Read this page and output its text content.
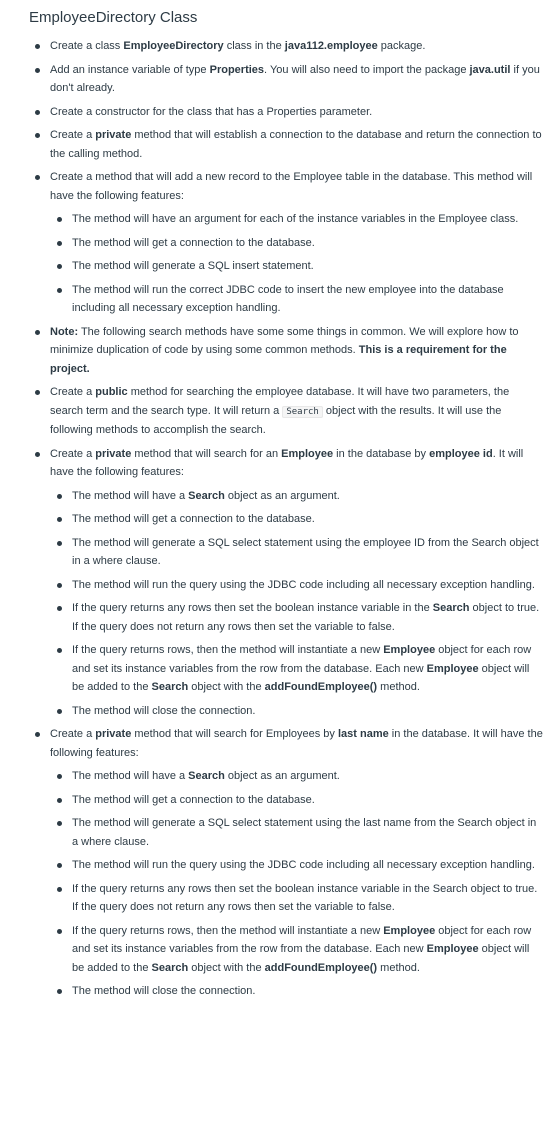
EmployeeDirectory Class
Create a class EmployeeDirectory class in the java112.employee package.
Add an instance variable of type Properties. You will also need to import the package java.util if you don't already.
Create a constructor for the class that has a Properties parameter.
Create a private method that will establish a connection to the database and return the connection to the calling method.
Create a method that will add a new record to the Employee table in the database. This method will have the following features:
The method will have an argument for each of the instance variables in the Employee class.
The method will get a connection to the database.
The method will generate a SQL insert statement.
The method will run the correct JDBC code to insert the new employee into the database including all necessary exception handling.
Note: The following search methods have some some things in common. We will explore how to minimize duplication of code by using some common methods. This is a requirement for the project.
Create a public method for searching the employee database. It will have two parameters, the search term and the search type. It will return a Search object with the results. It will use the following methods to accomplish the search.
Create a private method that will search for an Employee in the database by employee id. It will have the following features:
The method will have a Search object as an argument.
The method will get a connection to the database.
The method will generate a SQL select statement using the employee ID from the Search object in a where clause.
The method will run the query using the JDBC code including all necessary exception handling.
If the query returns any rows then set the boolean instance variable in the Search object to true. If the query does not return any rows then set the variable to false.
If the query returns rows, then the method will instantiate a new Employee object for each row and set its instance variables from the row from the database. Each new Employee object will be added to the Search object with the addFoundEmployee() method.
The method will close the connection.
Create a private method that will search for Employees by last name in the database. It will have the following features:
The method will have a Search object as an argument.
The method will get a connection to the database.
The method will generate a SQL select statement using the last name from the Search object in a where clause.
The method will run the query using the JDBC code including all necessary exception handling.
If the query returns any rows then set the boolean instance variable in the Search object to true. If the query does not return any rows then set the variable to false.
If the query returns rows, then the method will instantiate a new Employee object for each row and set its instance variables from the row from the database. Each new Employee object will be added to the Search object with the addFoundEmployee() method.
The method will close the connection.
